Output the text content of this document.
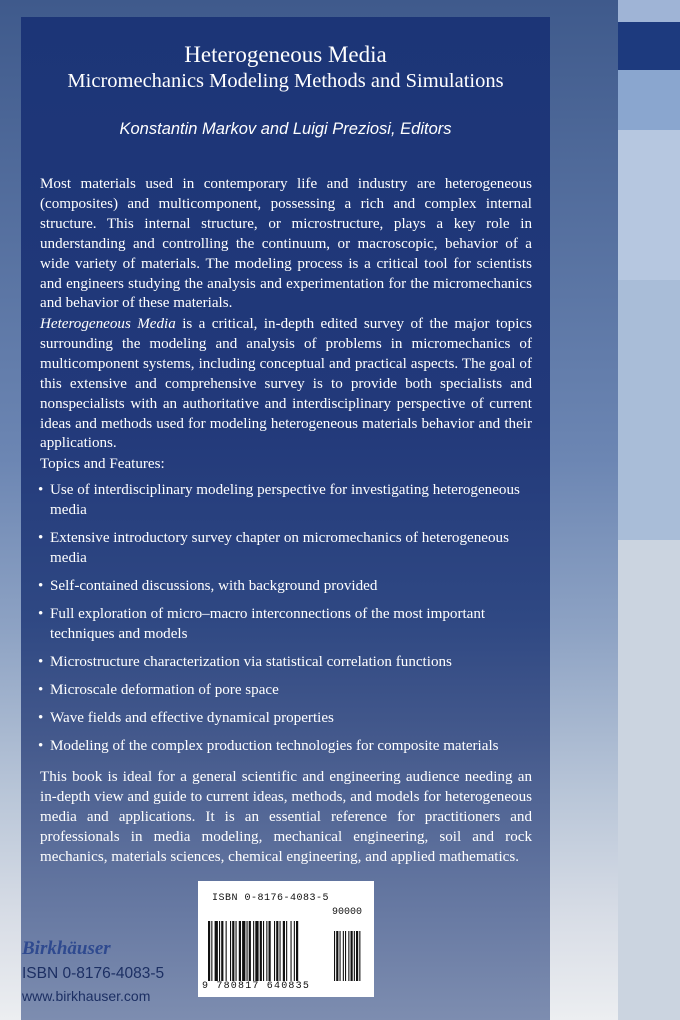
Heterogeneous Media
Micromechanics Modeling Methods and Simulations
Konstantin Markov and Luigi Preziosi, Editors
Most materials used in contemporary life and industry are heterogeneous (composites) and multicomponent, possessing a rich and complex internal structure. This internal structure, or microstructure, plays a key role in understanding and controlling the continuum, or macroscopic, behavior of a wide variety of materials. The modeling process is a critical tool for scientists and engineers studying the analysis and experimentation for the micromechanics and behavior of these materials.
Heterogeneous Media is a critical, in-depth edited survey of the major topics surrounding the modeling and analysis of problems in micromechanics of multicomponent systems, including conceptual and practical aspects. The goal of this extensive and comprehensive survey is to provide both specialists and nonspecialists with an authoritative and interdisciplinary perspective of current ideas and methods used for modeling heterogeneous materials behavior and their applications.
Topics and Features:
• Use of interdisciplinary modeling perspective for investigating heterogeneous media
• Extensive introductory survey chapter on micromechanics of heterogeneous media
• Self-contained discussions, with background provided
• Full exploration of micro–macro interconnections of the most important techniques and models
• Microstructure characterization via statistical correlation functions
• Microscale deformation of pore space
• Wave fields and effective dynamical properties
• Modeling of the complex production technologies for composite materials
This book is ideal for a general scientific and engineering audience needing an in-depth view and guide to current ideas, methods, and models for heterogeneous media and applications. It is an essential reference for practitioners and professionals in media modeling, mechanical engineering, soil and rock mechanics, materials sciences, chemical engineering, and applied mathematics.
ISBN 0-8176-4083-5
90000
9 780817 640835
Birkhäuser
ISBN 0-8176-4083-5
www.birkhauser.com
